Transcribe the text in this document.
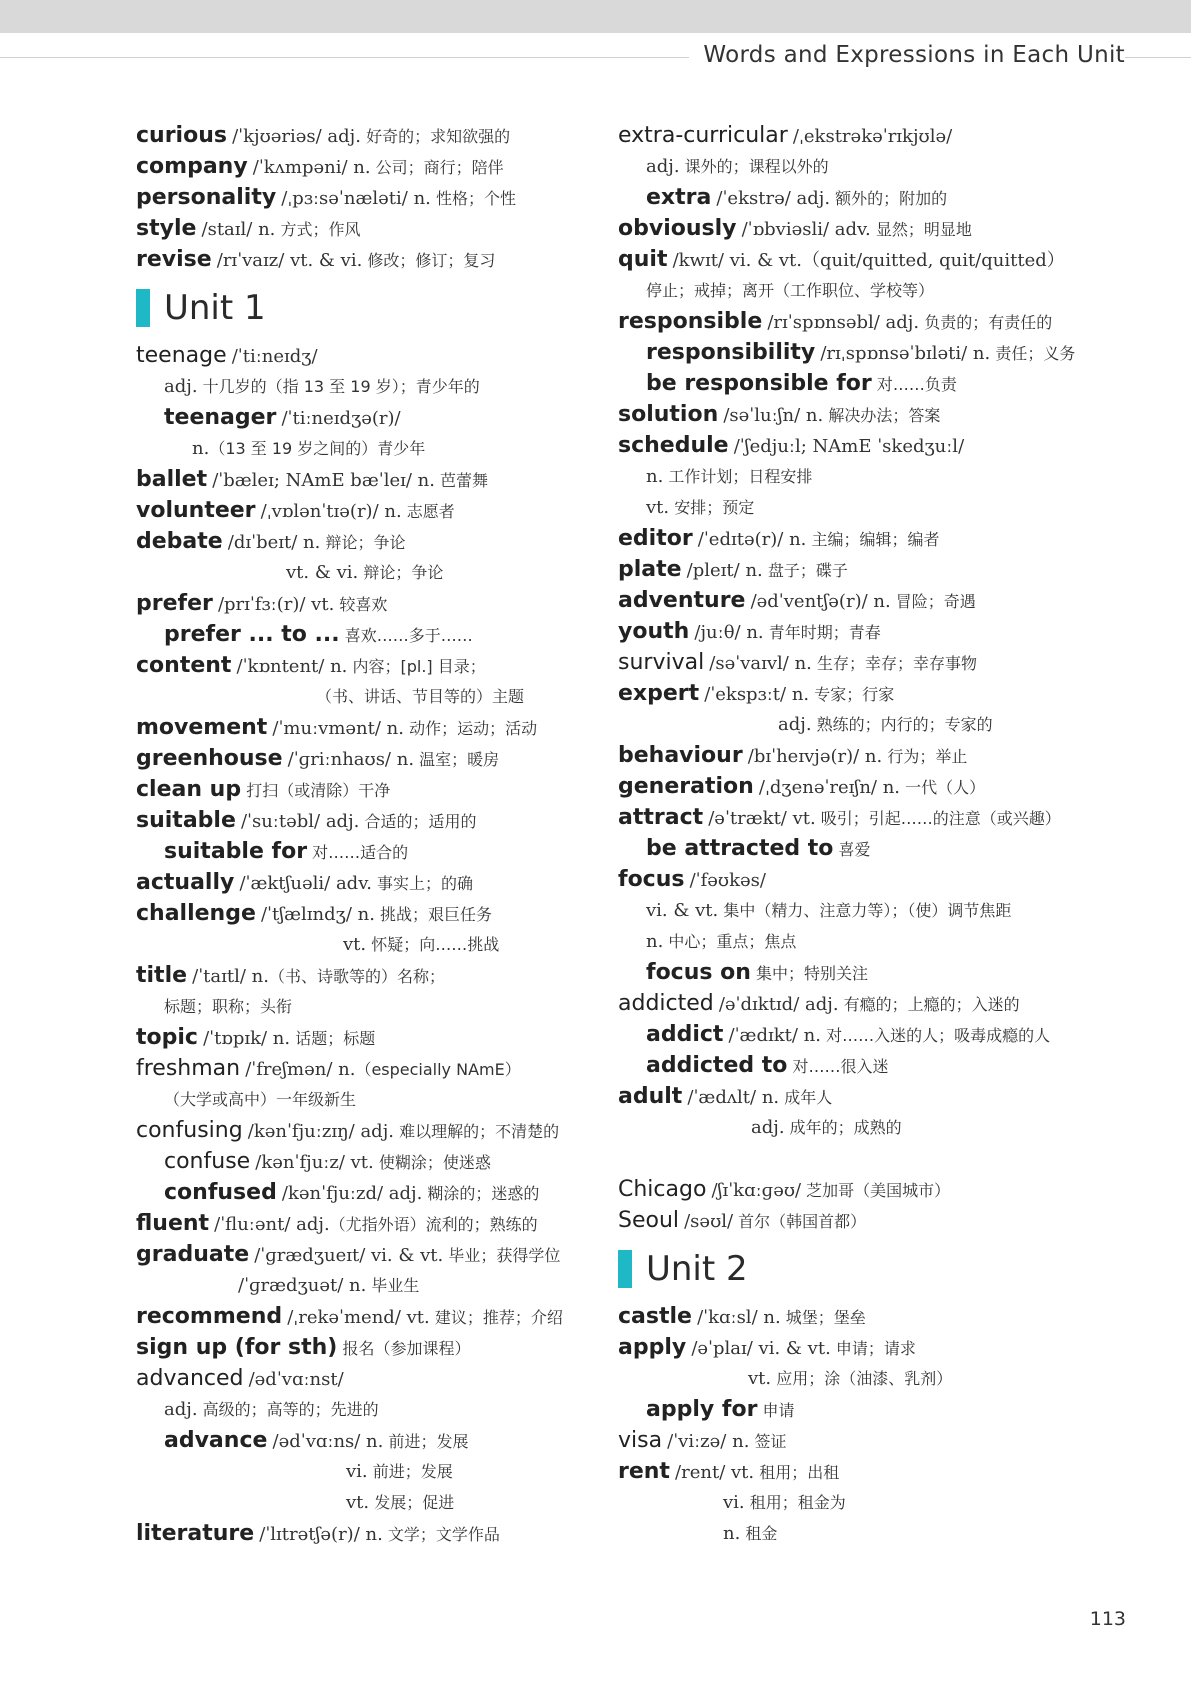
Words and Expressions in Each Unit
curious /ˈkjʊəriəs/ adj. 好奇的；求知欲强的
company /ˈkʌmpəni/ n. 公司；商行；陪伴
personality /ˌpɜːsəˈnæləti/ n. 性格；个性
style /staɪl/ n. 方式；作风
revise /rɪˈvaɪz/ vt. & vi. 修改；修订；复习
Unit 1
teenage /ˈtiːneɪdʒ/
adj. 十几岁的（指 13 至 19 岁）；青少年的
teenager /ˈtiːneɪdʒə(r)/
n.（13 至 19 岁之间的）青少年
ballet /ˈbæleɪ; NAmE bæˈleɪ/ n. 芭蕾舞
volunteer /ˌvɒlənˈtɪə(r)/ n. 志愿者
debate /dɪˈbeɪt/ n. 辩论；争论
vt. & vi. 辩论；争论
prefer /prɪˈfɜː(r)/ vt. 较喜欢
prefer ... to ... 喜欢……多于……
content /ˈkɒntent/ n. 内容；[pl.] 目录；
（书、讲话、节目等的）主题
movement /ˈmuːvmənt/ n. 动作；运动；活动
greenhouse /ˈɡriːnhaʊs/ n. 温室；暖房
clean up 打扫（或清除）干净
suitable /ˈsuːtəbl/ adj. 合适的；适用的
suitable for 对……适合的
actually /ˈæktʃuəli/ adv. 事实上；的确
challenge /ˈtʃælɪndʒ/ n. 挑战；艰巨任务
vt. 怀疑；向……挑战
title /ˈtaɪtl/ n.（书、诗歌等的）名称；
标题；职称；头衔
topic /ˈtɒpɪk/ n. 话题；标题
freshman /ˈfreʃmən/ n.（especially NAmE）
（大学或高中）一年级新生
confusing /kənˈfjuːzɪŋ/ adj. 难以理解的；不清楚的
confuse /kənˈfjuːz/ vt. 使糊涂；使迷惑
confused /kənˈfjuːzd/ adj. 糊涂的；迷惑的
fluent /ˈfluːənt/ adj.（尤指外语）流利的；熟练的
graduate /ˈɡrædʒueɪt/ vi. & vt. 毕业；获得学位
/ˈɡrædʒuət/ n. 毕业生
recommend /ˌrekəˈmend/ vt. 建议；推荐；介绍
sign up (for sth) 报名（参加课程）
advanced /ədˈvɑːnst/
adj. 高级的；高等的；先进的
advance /ədˈvɑːns/ n. 前进；发展
vi. 前进；发展
vt. 发展；促进
literature /ˈlɪtrətʃə(r)/ n. 文学；文学作品
extra-curricular /ˌekstrəkəˈrɪkjʊlə/
adj. 课外的；课程以外的
extra /ˈekstrə/ adj. 额外的；附加的
obviously /ˈɒbviəsli/ adv. 显然；明显地
quit /kwɪt/ vi. & vt.（quit/quitted, quit/quitted）
停止；戒掉；离开（工作职位、学校等）
responsible /rɪˈspɒnsəbl/ adj. 负责的；有责任的
responsibility /rɪˌspɒnsəˈbɪləti/ n. 责任；义务
be responsible for 对……负责
solution /səˈluːʃn/ n. 解决办法；答案
schedule /ˈʃedjuːl; NAmE ˈskedʒuːl/
n. 工作计划；日程安排
vt. 安排；预定
editor /ˈedɪtə(r)/ n. 主编；编辑；编者
plate /pleɪt/ n. 盘子；碟子
adventure /ədˈventʃə(r)/ n. 冒险；奇遇
youth /juːθ/ n. 青年时期；青春
survival /səˈvaɪvl/ n. 生存；幸存；幸存事物
expert /ˈekspɜːt/ n. 专家；行家
adj. 熟练的；内行的；专家的
behaviour /bɪˈheɪvjə(r)/ n. 行为；举止
generation /ˌdʒenəˈreɪʃn/ n. 一代（人）
attract /əˈtrækt/ vt. 吸引；引起……的注意（或兴趣）
be attracted to 喜爱
focus /ˈfəʊkəs/
vi. & vt. 集中（精力、注意力等）；（使）调节焦距
n. 中心；重点；焦点
focus on 集中；特别关注
addicted /əˈdɪktɪd/ adj. 有瘾的；上瘾的；入迷的
addict /ˈædɪkt/ n. 对……入迷的人；吸毒成瘾的人
addicted to 对……很入迷
adult /ˈædʌlt/ n. 成年人
adj. 成年的；成熟的
Chicago /ʃɪˈkɑːɡəʊ/ 芝加哥（美国城市）
Seoul /səʊl/ 首尔（韩国首都）
Unit 2
castle /ˈkɑːsl/ n. 城堡；堡垒
apply /əˈplaɪ/ vi. & vt. 申请；请求
vt. 应用；涂（油漆、乳剂）
apply for 申请
visa /ˈviːzə/ n. 签证
rent /rent/ vt. 租用；出租
vi. 租用；租金为
n. 租金
113
